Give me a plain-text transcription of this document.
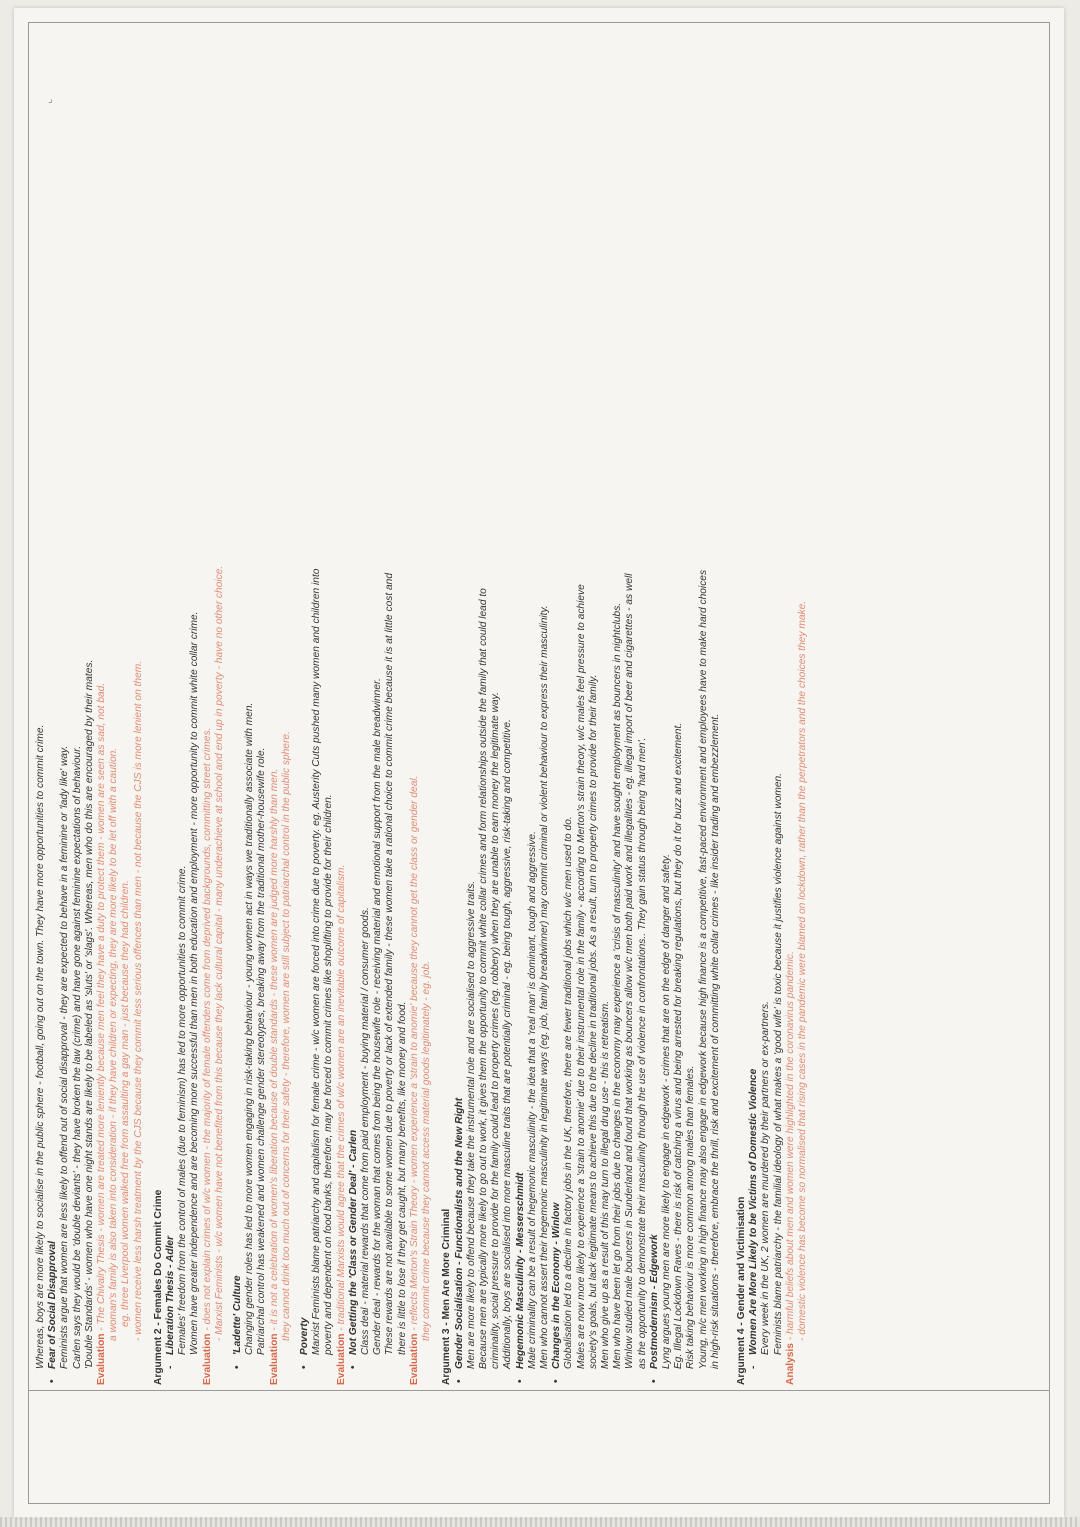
Whereas, boys are more likely to socialise in the public sphere - football, going out on the town. They have more opportunities to commit crime. • Fear of Social Disapproval Feminists argue that women are less likely to offend out of social disapproval - they are expected to behave in a feminine or 'lady like' way. Carlen says they would be 'double deviants' - they have broken the law (crime) and have gone against feminine expectations of behaviour. 'Double Standards' - women who have one night stands are likely to be labeled as 'sluts' or 'slags'. Whereas, men who do this are encouraged by their mates. Evaluation - The Chivalry Thesis - women are treated more leniently because men feel they have a duty to protect them - women are seen as sad, not bad. a woman's family is also taken into consideration - if they have children or expecting, they are more likely to be let off with a caution. eg. three Liverpool women walked free from assaulting a gay man - just because they had children. - women receive less harsh treatment by the CJS because they commit less serious offences than men - not because the CJS is more lenient on them. Argument 2 - Females Do Commit Crime - Liberation Thesis - Adler Females' freedom from the control of males (due to feminism) has led to more opportunities to commit crime. Women have greater independence and are becoming more successful than men in both education and employment - more opportunity to commit white collar crime.
Evaluation - does not explain crimes of w/c women - the majority of female offenders come from deprived backgrounds, committing street crimes. - Marxist Feminists - w/c women have not benefited from this because they lack cultural capital - many underachieve at school and end up in poverty - have no other choice. • 'Ladette' Culture Changing gender roles has led to more women engaging in risk-taking behaviour - young women act in ways we traditionally associate with men. Patriarchal control has weakened and women challenge gender stereotypes, breaking away from the traditional mother-housewife role.
Evaluation - it is not a celebration of women's liberation because of double standards - these women are judged more harshly than men. they cannot drink too much out of concerns for their safety - therefore, women are still subject to patriarchal control in the public sphere. • Poverty Marxist Feminists blame patriarchy and capitalism for female crime - w/c women are forced into crime due to poverty. eg. Austerity Cuts pushed many women and children into poverty and dependent on food banks, therefore, may be forced to commit crimes like shoplifting to provide for their children.
Evaluation - traditional Marxists would agree that the crimes of w/c women are an inevitable outcome of capitalism. • Not Getting the 'Class or Gender Deal' - Carlen Class deal - material rewards that come from paid employment - buying material / consumer goods. Gender deal - rewards for the woman that comes from being the housewife role - receiving material and emotional support from the male breadwinner. These rewards are not available to some women due to poverty or lack of extended family - these women take a rational choice to commit crime because it is at little cost and there is little to lose if they get caught, but many benefits, like money and food.
Evaluation - reflects Merton's Strain Theory - women experience a 'strain to anomie' because they cannot get the class or gender deal. they commit crime because they cannot access material goods legitimately - eg. job. Argument 3 - Men Are More Criminal • Gender Socialisation - Functionalists and the New Right Men are more likely to offend because they take the instrumental role and are socialised to aggressive traits. Because men are typically more likely to go out to work, it gives them the opportunity to commit white collar crimes and form relationships outside the family that could lead to criminality, social pressure to provide for the family could lead to property crimes (eg. robbery) when they are unable to earn money the legitimate way. Additionally, boys are socialised into more masculine traits that are potentially criminal - eg. being tough, aggressive, risk-taking and competitive. • Hegemonic Masculinity - Messerschmidt Male criminality can be a result of hegemonic masculinity - the idea that a 'real man' is dominant, tough and aggressive. Men who cannot assert their hegemonic masculinity in legitimate ways (eg. job, family breadwinner) may commit criminal or violent behaviour to express their masculinity. • Changes in the Economy - Winlow Globalisation led to a decline in factory jobs in the UK, therefore, there are fewer traditional jobs which w/c men used to do. Males are now more likely to experience a 'strain to anomie' due to their instrumental role in the family - according to Merton's strain theory, w/c males feel pressure to achieve society's goals, but lack legitimate means to achieve this due to the decline in traditional jobs. As a result, turn to property crimes to provide for their family. Men who give up as a result of this may turn to illegal drug use - this is retreatism. Men who have been let go from their jobs due to changes in the economy may experience a 'crisis of masculinity' and have sought employment as bouncers in nightclubs. Winlow studied male bouncers in Sunderland and found that working as bouncers allow w/c men both paid work and illegalities - eg. illegal import of beer and cigarettes - as well as the opportunity to demonstrate their masculinity through the use of violence in confrontations.. They gain status through being 'hard men'. • Postmodernism - Edgework Lyng argues young men are more likely to engage in edgework - crimes that are on the edge of danger and safety. Eg. Illegal Lockdown Raves - there is risk of catching a virus and being arrested for breaking regulations, but they do it for buzz and excitement. Risk taking behaviour is more common among males than females. Young, m/c men working in high finance may also engage in edgework because high finance is a competitive, fast-paced environment and employees have to make hard choices in high-risk situations - therefore, embrace the thrill, risk and excitement of committing white collar crimes - like insider trading and embezzlement. Argument 4 - Gender and Victimisation - Women Are More Likely to be Victims of Domestic Violence Every week in the UK, 2 women are murdered by their partners or ex-partners. Feminists blame patriarchy - the familial ideology of what makes a 'good wife' is toxic because it justifies violence against women.
Analysis - harmful beliefs about men and women were highlighted in the coronavirus pandemic. - domestic violence has become so normalised that rising cases in the pandemic were blamed on lockdown, rather than the perpetrators and the choices they make.
⌟
